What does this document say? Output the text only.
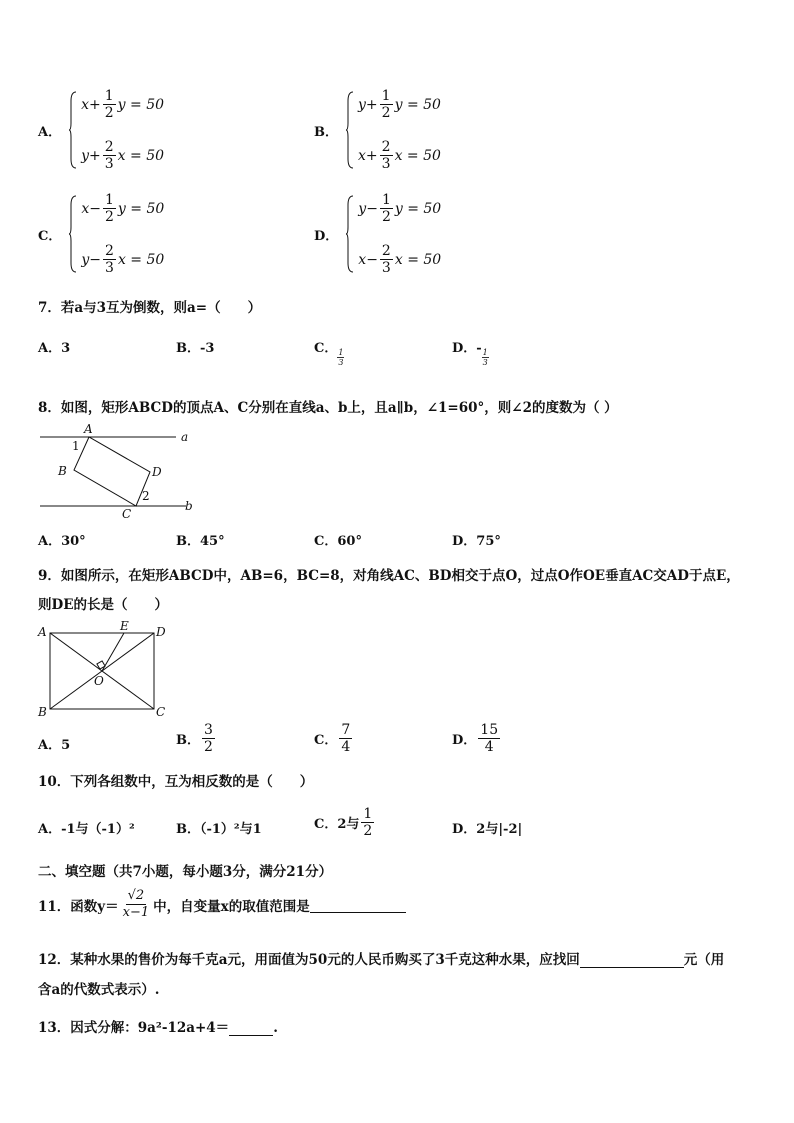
A．
$x + \frac{1}{2}$ y = 50
$y + \frac{2}{3}$ x = 50
B．
$y + \frac{1}{2}$ y = 50
$x + \frac{2}{3}$ x = 50
C．
$x - \frac{1}{2}$ y = 50
$y - \frac{2}{3}$ x = 50
D．
$y - \frac{1}{2}$ y = 50
$x - \frac{2}{3}$ x = 50
7．若a与3互为倒数，则a=（　　）
A．3	B．-3	C． $\frac{1}{3}$	D．- $\frac{1}{3}$
8．如图，矩形ABCD的顶点A、C分别在直线a、b上，且a∥b，∠1=60°，则∠2的度数为（ ）
A
B
C
D
a
b
1
2
A．30°	B．45°	C．60°	D．75°
9．如图所示，在矩形ABCD中，AB=6，BC=8，对角线AC、BD相交于点O，过点O作OE垂直AC交AD于点E，
则DE的长是（　　）
A
B	C
D
E
O
A．5	B． $\frac{3}{2}$	C． $\frac{7}{4}$	D． $\frac{15}{4}$
10．下列各组数中，互为相反数的是（　　）
A．-1与（-1）²	B．（-1）²与1	C．2与 $\frac{1}{2}$	D．2与|-2|
二、填空题（共7小题，每小题3分，满分21分）
11．函数$y= \frac{√2}{x-1}$ 中，自变量x的取值范围是
12．某种水果的售价为每千克a元，用面值为50元的人民币购买了3千克这种水果，应找回	元（用
含a的代数式表示）.
13．因式分解：9a²-12a+4＝	.
